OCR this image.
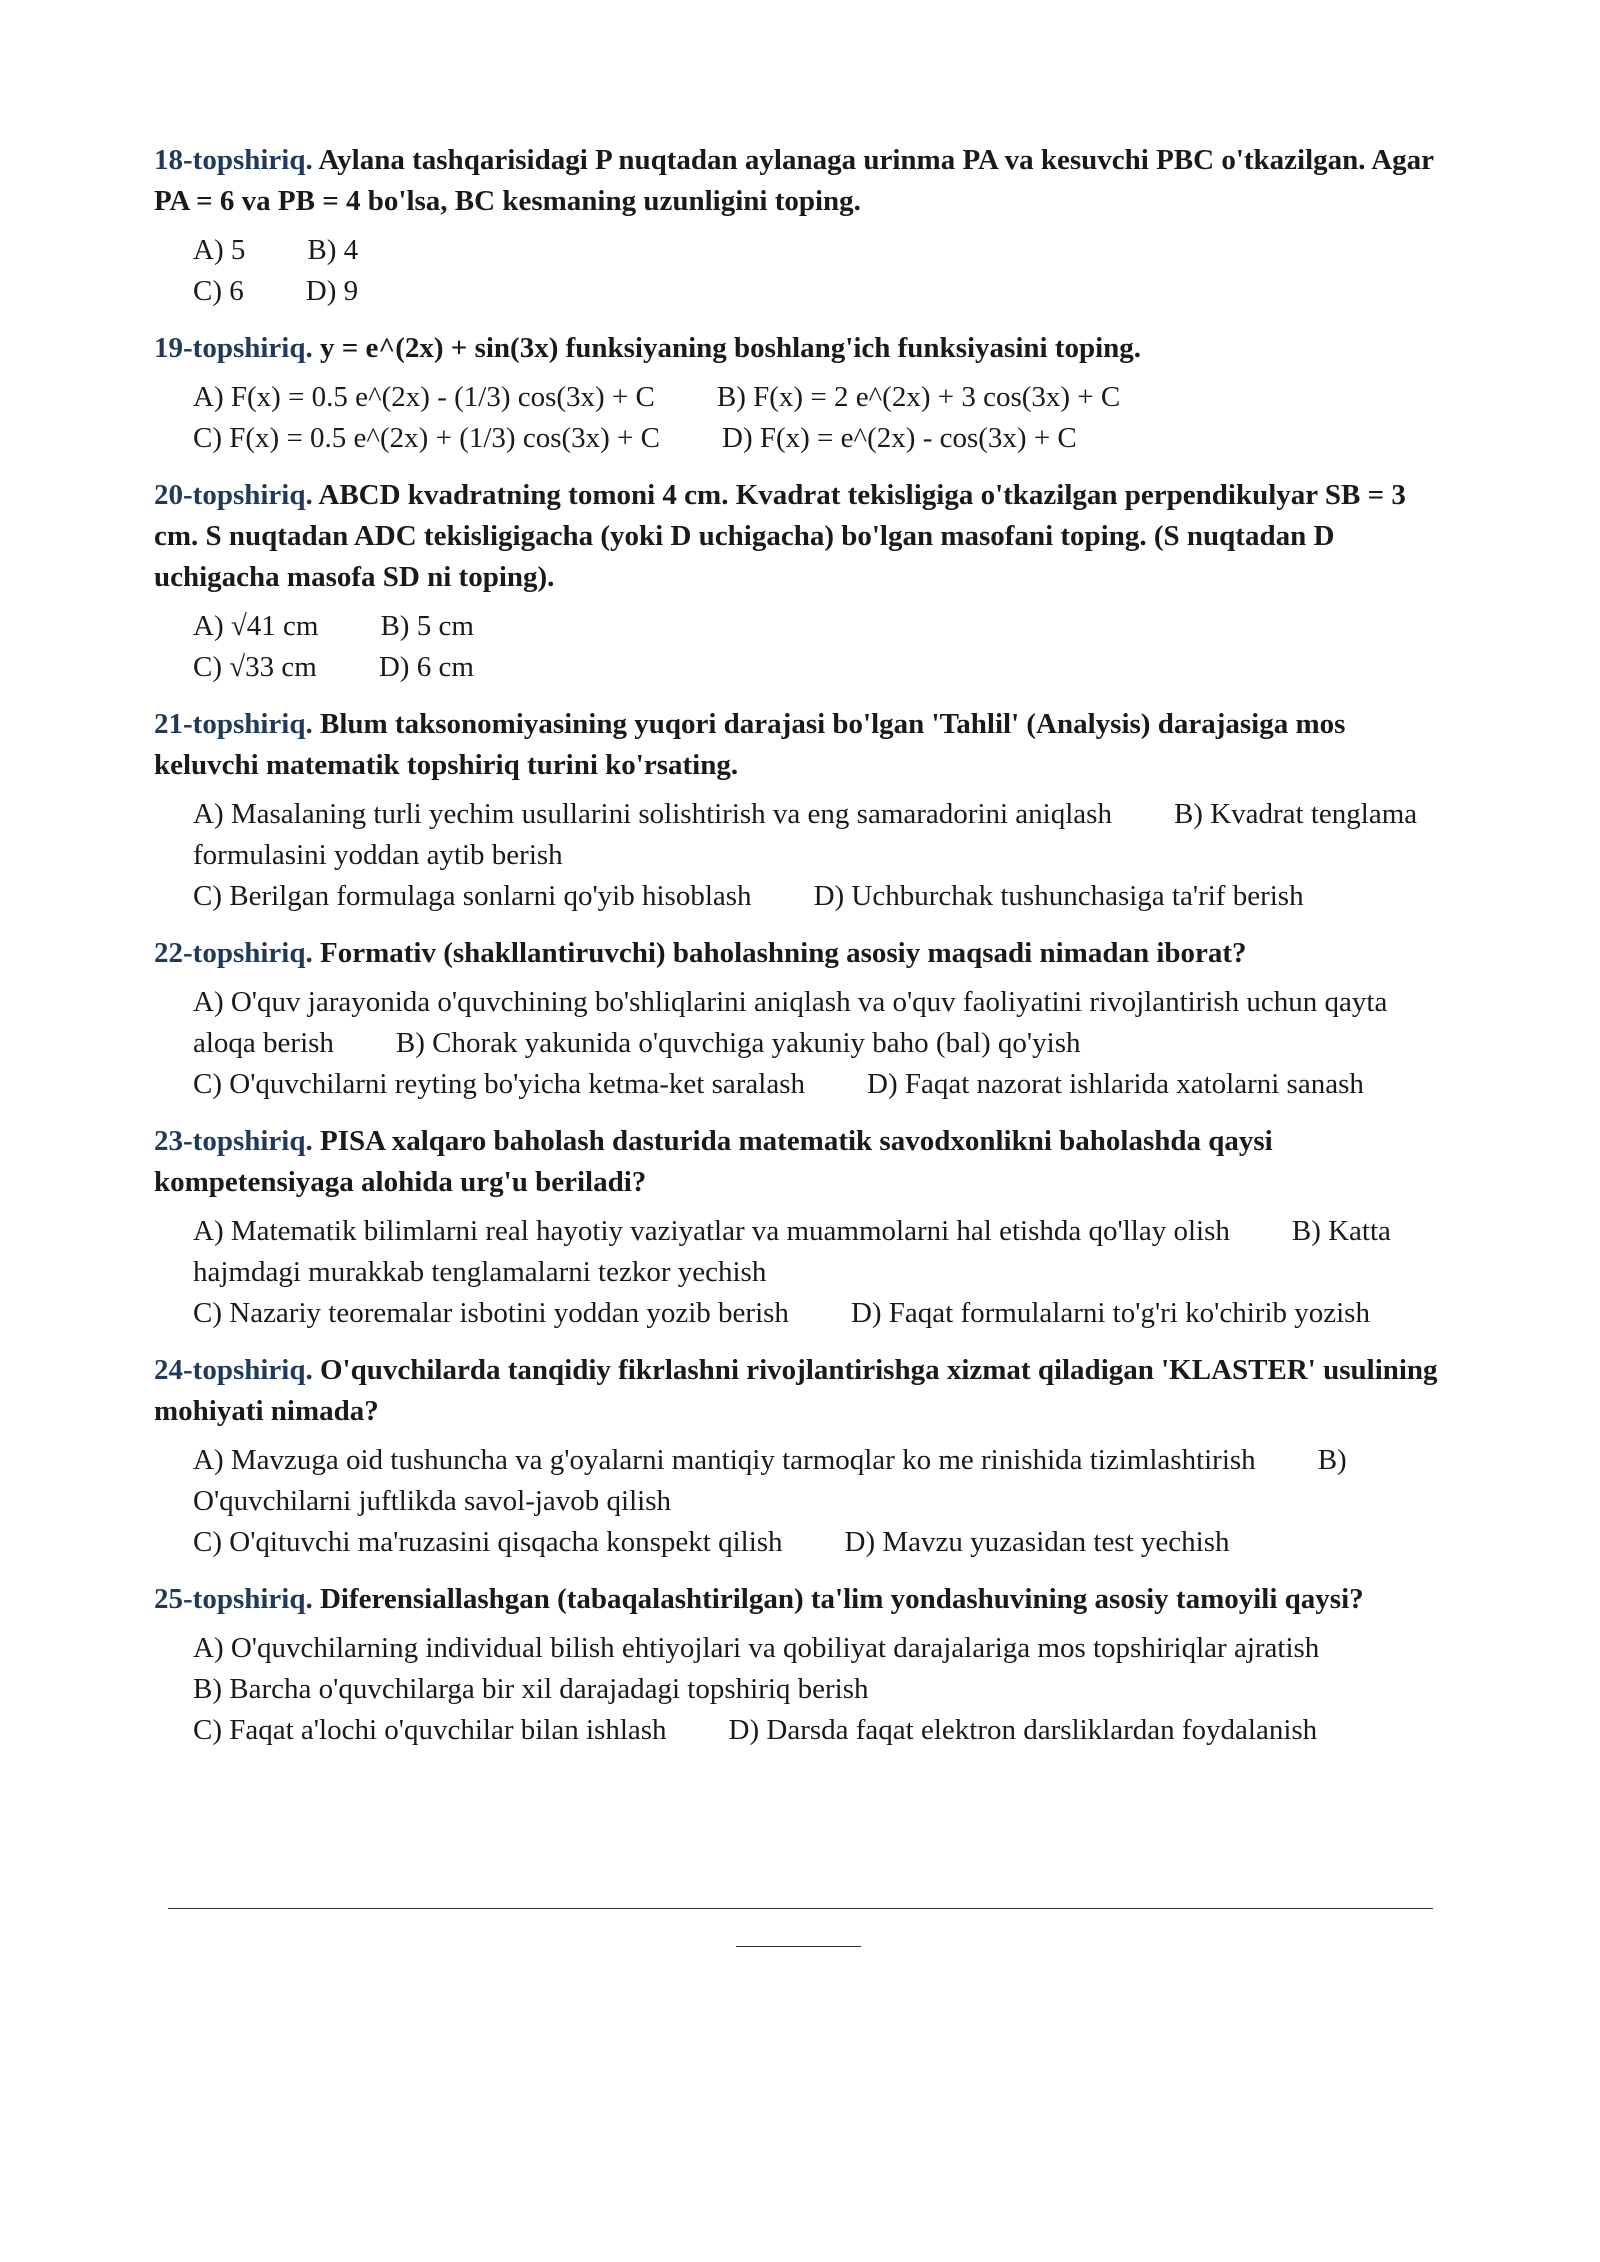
18-topshiriq. Aylana tashqarisidagi P nuqtadan aylanaga urinma PA va kesuvchi PBC o'tkazilgan. Agar PA = 6 va PB = 4 bo'lsa, BC kesmaning uzunligini toping.

A) 5 B) 4
C) 6 D) 9

19-topshiriq. y = e^(2x) + sin(3x) funksiyaning boshlang'ich funksiyasini toping.

A) F(x) = 0.5 e^(2x) - (1/3) cos(3x) + C B) F(x) = 2 e^(2x) + 3 cos(3x) + C
C) F(x) = 0.5 e^(2x) + (1/3) cos(3x) + C D) F(x) = e^(2x) - cos(3x) + C

20-topshiriq. ABCD kvadratning tomoni 4 cm. Kvadrat tekisligiga o'tkazilgan perpendikulyar SB = 3 cm. S nuqtadan ADC tekisligigacha (yoki D uchigacha) bo'lgan masofani toping. (S nuqtadan D uchigacha masofa SD ni toping).

A) √41 cm B) 5 cm
C) √33 cm D) 6 cm

21-topshiriq. Blum taksonomiyasining yuqori darajasi bo'lgan 'Tahlil' (Analysis) darajasiga mos keluvchi matematik topshiriq turini ko'rsating.

A) Masalaning turli yechim usullarini solishtirish va eng samaradorini aniqlash B) Kvadrat tenglama formulasini yoddan aytib berish
C) Berilgan formulaga sonlarni qo'yib hisoblash D) Uchburchak tushunchasiga ta'rif berish

22-topshiriq. Formativ (shakllantiruvchi) baholashning asosiy maqsadi nimadan iborat?

A) O'quv jarayonida o'quvchining bo'shliqlarini aniqlash va o'quv faoliyatini rivojlantirish uchun qayta aloqa berish B) Chorak yakunida o'quvchiga yakuniy baho (bal) qo'yish
C) O'quvchilarni reyting bo'yicha ketma-ket saralash D) Faqat nazorat ishlarida xatolarni sanash

23-topshiriq. PISA xalqaro baholash dasturida matematik savodxonlikni baholashda qaysi kompetensiyaga alohida urg'u beriladi?

A) Matematik bilimlarni real hayotiy vaziyatlar va muammolarni hal etishda qo'llay olish B) Katta hajmdagi murakkab tenglamalarni tezkor yechish
C) Nazariy teoremalar isbotini yoddan yozib berish D) Faqat formulalarni to'g'ri ko'chirib yozish

24-topshiriq. O'quvchilarda tanqidiy fikrlashni rivojlantirishga xizmat qiladigan 'KLASTER' usulining mohiyati nimada?

A) Mavzuga oid tushuncha va g'oyalarni mantiqiy tarmoqlar ko me rinishida tizimlashtirish B) O'quvchilarni juftlikda savol-javob qilish
C) O'qituvchi ma'ruzasini qisqacha konspekt qilish D) Mavzu yuzasidan test yechish

25-topshiriq. Diferensiallashgan (tabaqalashtirilgan) ta'lim yondashuvining asosiy tamoyili qaysi?

A) O'quvchilarning individual bilish ehtiyojlari va qobiliyat darajalariga mos topshiriqlar ajratish
B) Barcha o'quvchilarga bir xil darajadagi topshiriq berish
C) Faqat a'lochi o'quvchilar bilan ishlash D) Darsda faqat elektron darsliklardan foydalanish
